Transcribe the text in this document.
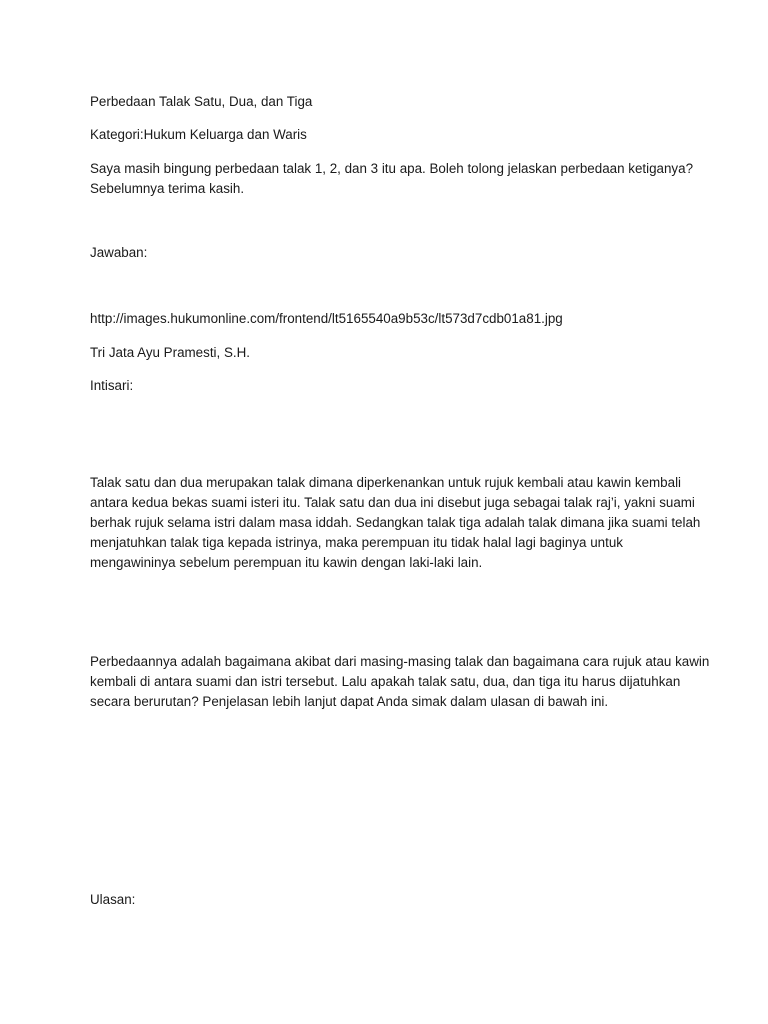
Perbedaan Talak Satu, Dua, dan Tiga

Kategori:Hukum Keluarga dan Waris

Saya masih bingung perbedaan talak 1, 2, dan 3 itu apa. Boleh tolong jelaskan perbedaan ketiganya?
Sebelumnya terima kasih.

Jawaban:

http://images.hukumonline.com/frontend/lt5165540a9b53c/lt573d7cdb01a81.jpg

Tri Jata Ayu Pramesti, S.H.

Intisari:

Talak satu dan dua merupakan talak dimana diperkenankan untuk rujuk kembali atau kawin kembali
antara kedua bekas suami isteri itu. Talak satu dan dua ini disebut juga sebagai talak raj’i, yakni suami
berhak rujuk selama istri dalam masa iddah. Sedangkan talak tiga adalah talak dimana jika suami telah
menjatuhkan talak tiga kepada istrinya, maka perempuan itu tidak halal lagi baginya untuk
mengawininya sebelum perempuan itu kawin dengan laki-laki lain.
Perbedaannya adalah bagaimana akibat dari masing-masing talak dan bagaimana cara rujuk atau kawin
kembali di antara suami dan istri tersebut. Lalu apakah talak satu, dua, dan tiga itu harus dijatuhkan
secara berurutan? Penjelasan lebih lanjut dapat Anda simak dalam ulasan di bawah ini.

Ulasan:
